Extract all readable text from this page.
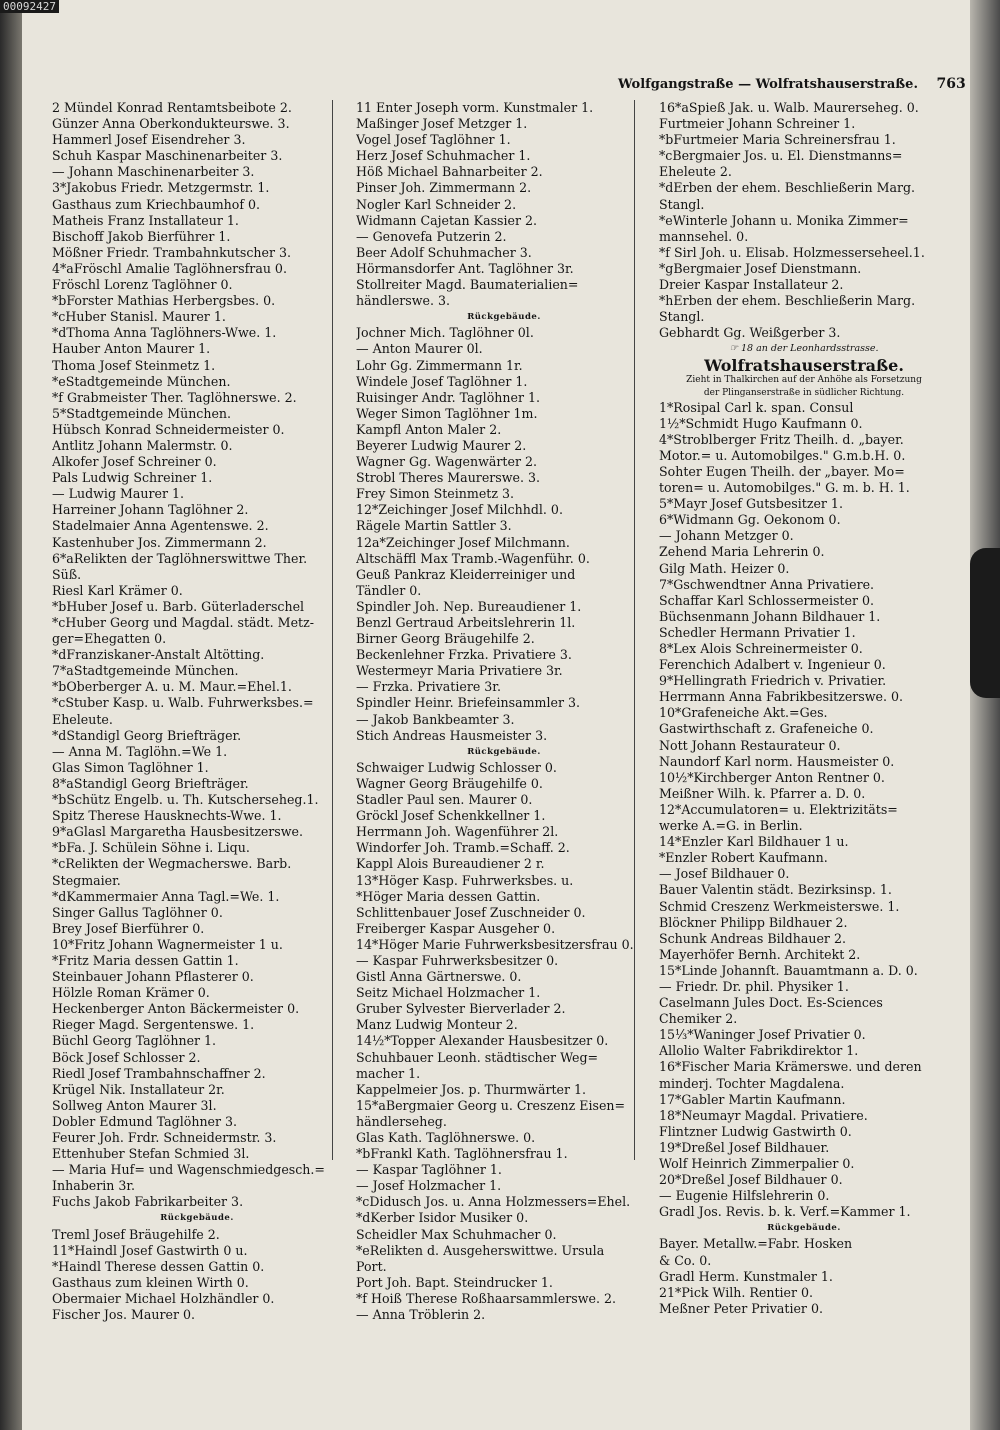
Wolfgangstraße — Wolfratshauserstraße. 763
2 Mündel Konrad Rentamtsbeibote 2.
Günzer Anna Oberkondukteurswe. 3.
Hammerl Josef Eisendreher 3.
Schuh Kaspar Maschinenarbeiter 3.
— Johann Maschinenarbeiter 3.
3*Jakobus Friedr. Metzgermstr. 1.
Gasthaus zum Kriechbaumhof 0.
Matheis Franz Installateur 1.
Bischoff Jakob Bierführer 1.
Mößner Friedr. Trambahnkutscher 3.
4*aFröschl Amalie Taglöhnersfrau 0.
Fröschl Lorenz Taglöhner 0.
*bForster Mathias Herbergsbes. 0.
*cHuber Stanisl. Maurer 1.
*dThoma Anna Taglöhners-Wwe. 1.
Hauber Anton Maurer 1.
Thoma Josef Steinmetz 1.
*eStadtgemeinde München.
*f Grabmeister Ther. Taglöhnerswe. 2.
5*Stadtgemeinde München.
Hübsch Konrad Schneidermeister 0.
Antlitz Johann Malermstr. 0.
Alkofer Josef Schreiner 0.
Pals Ludwig Schreiner 1.
— Ludwig Maurer 1.
Harreiner Johann Taglöhner 2.
Stadelmaier Anna Agentenswe. 2.
Kastenhuber Jos. Zimmermann 2.
6*aRelikten der Taglöhnerswittwe Ther.
Süß.
Riesl Karl Krämer 0.
*bHuber Josef u. Barb. Güterladerschel
*cHuber Georg und Magdal. städt. Metz-
ger=Ehegatten 0.
*dFranziskaner-Anstalt Altötting.
7*aStadtgemeinde München.
*bOberberger A. u. M. Maur.=Ehel.1.
*cStuber Kasp. u. Walb. Fuhrwerksbes.=
Eheleute.
*dStandigl Georg Briefträger.
— Anna M. Taglöhn.=We 1.
Glas Simon Taglöhner 1.
8*aStandigl Georg Briefträger.
*bSchütz Engelb. u. Th. Kutscherseheg.1.
Spitz Therese Hausknechts-Wwe. 1.
9*aGlasl Margaretha Hausbesitzerswe.
*bFa. J. Schülein Söhne i. Liqu.
*cRelikten der Wegmacherswe. Barb.
Stegmaier.
*dKammermaier Anna Tagl.=We. 1.
Singer Gallus Taglöhner 0.
Brey Josef Bierführer 0.
10*Fritz Johann Wagnermeister 1 u.
*Fritz Maria dessen Gattin 1.
Steinbauer Johann Pflasterer 0.
Hölzle Roman Krämer 0.
Heckenberger Anton Bäckermeister 0.
Rieger Magd. Sergentenswe. 1.
Büchl Georg Taglöhner 1.
Böck Josef Schlosser 2.
Riedl Josef Trambahnschaffner 2.
Krügel Nik. Installateur 2r.
Sollweg Anton Maurer 3l.
Dobler Edmund Taglöhner 3.
Feurer Joh. Frdr. Schneidermstr. 3.
Ettenhuber Stefan Schmied 3l.
— Maria Huf= und Wagenschmiedgesch.=
Inhaberin 3r.
Fuchs Jakob Fabrikarbeiter 3.
Rückgebäude.
Treml Josef Bräugehilfe 2.
11*Haindl Josef Gastwirth 0 u.
*Haindl Therese dessen Gattin 0.
Gasthaus zum kleinen Wirth 0.
Obermaier Michael Holzhändler 0.
Fischer Jos. Maurer 0.
11 Enter Joseph vorm. Kunstmaler 1.
Maßinger Josef Metzger 1.
Vogel Josef Taglöhner 1.
Herz Josef Schuhmacher 1.
Höß Michael Bahnarbeiter 2.
Pinser Joh. Zimmermann 2.
Nogler Karl Schneider 2.
Widmann Cajetan Kassier 2.
— Genovefa Putzerin 2.
Beer Adolf Schuhmacher 3.
Hörmansdorfer Ant. Taglöhner 3r.
Stollreiter Magd. Baumaterialien=
händlerswe. 3.
Rückgebäude.
Jochner Mich. Taglöhner 0l.
— Anton Maurer 0l.
Lohr Gg. Zimmermann 1r.
Windele Josef Taglöhner 1.
Ruisinger Andr. Taglöhner 1.
Weger Simon Taglöhner 1m.
Kampfl Anton Maler 2.
Beyerer Ludwig Maurer 2.
Wagner Gg. Wagenwärter 2.
Strobl Theres Maurerswe. 3.
Frey Simon Steinmetz 3.
12*Zeichinger Josef Milchhdl. 0.
Rägele Martin Sattler 3.
12a*Zeichinger Josef Milchmann.
Altschäffl Max Tramb.-Wagenführ. 0.
Geuß Pankraz Kleiderreiniger und
Tändler 0.
Spindler Joh. Nep. Bureaudiener 1.
Benzl Gertraud Arbeitslehrerin 1l.
Birner Georg Bräugehilfe 2.
Beckenlehner Frzka. Privatiere 3.
Westermeyr Maria Privatiere 3r.
— Frzka. Privatiere 3r.
Spindler Heinr. Briefeinsammler 3.
— Jakob Bankbeamter 3.
Stich Andreas Hausmeister 3.
Rückgebäude.
Schwaiger Ludwig Schlosser 0.
Wagner Georg Bräugehilfe 0.
Stadler Paul sen. Maurer 0.
Gröckl Josef Schenkkellner 1.
Herrmann Joh. Wagenführer 2l.
Windorfer Joh. Tramb.=Schaff. 2.
Kappl Alois Bureaudiener 2 r.
13*Höger Kasp. Fuhrwerksbes. u.
*Höger Maria dessen Gattin.
Schlittenbauer Josef Zuschneider 0.
Freiberger Kaspar Ausgeher 0.
14*Höger Marie Fuhrwerksbesitzersfrau 0.
— Kaspar Fuhrwerksbesitzer 0.
Gistl Anna Gärtnerswe. 0.
Seitz Michael Holzmacher 1.
Gruber Sylvester Bierverlader 2.
Manz Ludwig Monteur 2.
14½*Topper Alexander Hausbesitzer 0.
Schuhbauer Leonh. städtischer Weg=
macher 1.
Kappelmeier Jos. p. Thurmwärter 1.
15*aBergmaier Georg u. Creszenz Eisen=
händlerseheg.
Glas Kath. Taglöhnerswe. 0.
*bFrankl Kath. Taglöhnersfrau 1.
— Kaspar Taglöhner 1.
— Josef Holzmacher 1.
*cDidusch Jos. u. Anna Holzmessers=Ehel.
*dKerber Isidor Musiker 0.
Scheidler Max Schuhmacher 0.
*eRelikten d. Ausgeherswittwe. Ursula
Port.
Port Joh. Bapt. Steindrucker 1.
*f Hoiß Therese Roßhaarsammlerswe. 2.
— Anna Tröblerin 2.
16*aSpieß Jak. u. Walb. Maurerseheg. 0.
Furtmeier Johann Schreiner 1.
*bFurtmeier Maria Schreinersfrau 1.
*cBergmaier Jos. u. El. Dienstmanns=
Eheleute 2.
*dErben der ehem. Beschließerin Marg.
Stangl.
*eWinterle Johann u. Monika Zimmer=
mannsehel. 0.
*f Sirl Joh. u. Elisab. Holzmesserseheel.1.
*gBergmaier Josef Dienstmann.
Dreier Kaspar Installateur 2.
*hErben der ehem. Beschließerin Marg.
Stangl.
Gebhardt Gg. Weißgerber 3.
☞ 18 an der Leonhardsstrasse.
Wolfratshauserstraße.
Zieht in Thalkirchen auf der Anhöhe als Forsetzung
der Plinganserstraße in südlicher Richtung.
1*Rosipal Carl k. span. Consul
1½*Schmidt Hugo Kaufmann 0.
4*Stroblberger Fritz Theilh. d. „bayer.
Motor.= u. Automobilges." G.m.b.H. 0.
Sohter Eugen Theilh. der „bayer. Mo=
toren= u. Automobilges." G. m. b. H. 1.
5*Mayr Josef Gutsbesitzer 1.
6*Widmann Gg. Oekonom 0.
— Johann Metzger 0.
Zehend Maria Lehrerin 0.
Gilg Math. Heizer 0.
7*Gschwendtner Anna Privatiere.
Schaffar Karl Schlossermeister 0.
Büchsenmann Johann Bildhauer 1.
Schedler Hermann Privatier 1.
8*Lex Alois Schreinermeister 0.
Ferenchich Adalbert v. Ingenieur 0.
9*Hellingrath Friedrich v. Privatier.
Herrmann Anna Fabrikbesitzerswe. 0.
10*Grafeneiche Akt.=Ges.
Gastwirthschaft z. Grafeneiche 0.
Nott Johann Restaurateur 0.
Naundorf Karl norm. Hausmeister 0.
10½*Kirchberger Anton Rentner 0.
Meißner Wilh. k. Pfarrer a. D. 0.
12*Accumulatoren= u. Elektrizitäts=
werke A.=G. in Berlin.
14*Enzler Karl Bildhauer 1 u.
*Enzler Robert Kaufmann.
— Josef Bildhauer 0.
Bauer Valentin städt. Bezirksinsp. 1.
Schmid Creszenz Werkmeisterswe. 1.
Blöckner Philipp Bildhauer 2.
Schunk Andreas Bildhauer 2.
Mayerhöfer Bernh. Architekt 2.
15*Linde Johannſt. Bauamtmann a. D. 0.
— Friedr. Dr. phil. Physiker 1.
Caselmann Jules Doct. Es-Sciences
Chemiker 2.
15⅓*Waninger Josef Privatier 0.
Allolio Walter Fabrikdirektor 1.
16*Fischer Maria Krämerswe. und deren
minderj. Tochter Magdalena.
17*Gabler Martin Kaufmann.
18*Neumayr Magdal. Privatiere.
Flintzner Ludwig Gastwirth 0.
19*Dreßel Josef Bildhauer.
Wolf Heinrich Zimmerpalier 0.
20*Dreßel Josef Bildhauer 0.
— Eugenie Hilfslehrerin 0.
Gradl Jos. Revis. b. k. Verf.=Kammer 1.
Rückgebäude.
Bayer. Metallw.=Fabr. Hosken
& Co. 0.
Gradl Herm. Kunstmaler 1.
21*Pick Wilh. Rentier 0.
Meßner Peter Privatier 0.
00092427
